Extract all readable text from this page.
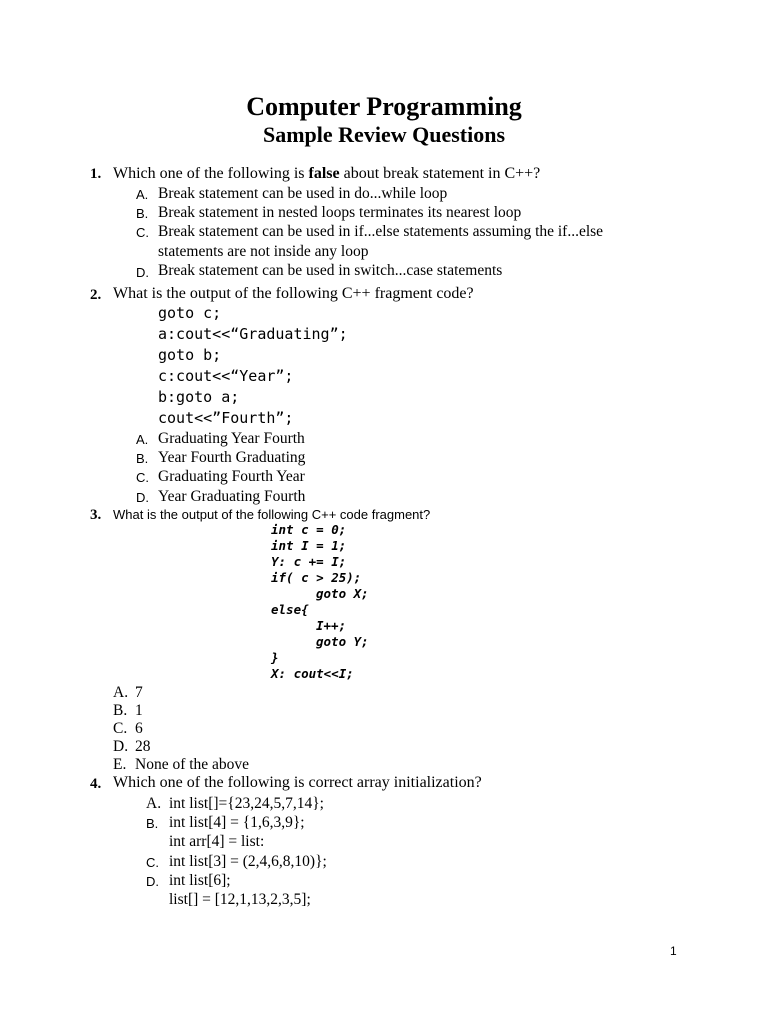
Computer Programming
Sample Review Questions
1. Which one of the following is false about break statement in C++?
A. Break statement can be used in do...while loop
B. Break statement in nested loops terminates its nearest loop
C. Break statement can be used in if...else statements assuming the if...else
statements are not inside any loop
D. Break statement can be used in switch...case statements
2. What is the output of the following C++ fragment code?
goto c;
a:cout<<“Graduating”;
goto b;
c:cout<<“Year”;
b:goto a;
cout<<”Fourth”;
A. Graduating Year Fourth
B. Year Fourth Graduating
C. Graduating Fourth Year
D. Year Graduating Fourth
3. What is the output of the following C++ code fragment?
int c = 0;
int I = 1;
Y: c += I;
if( c > 25);
goto X;
else{
I++;
goto Y;
}
X: cout<<I;
A. 7
B. 1
C. 6
D. 28
E. None of the above
4. Which one of the following is correct array initialization?
A. int list[]={23,24,5,7,14};
B. int list[4] = {1,6,3,9};
int arr[4] = list:
C. int list[3] = (2,4,6,8,10)};
D. int list[6];
list[] = [12,1,13,2,3,5];
1
